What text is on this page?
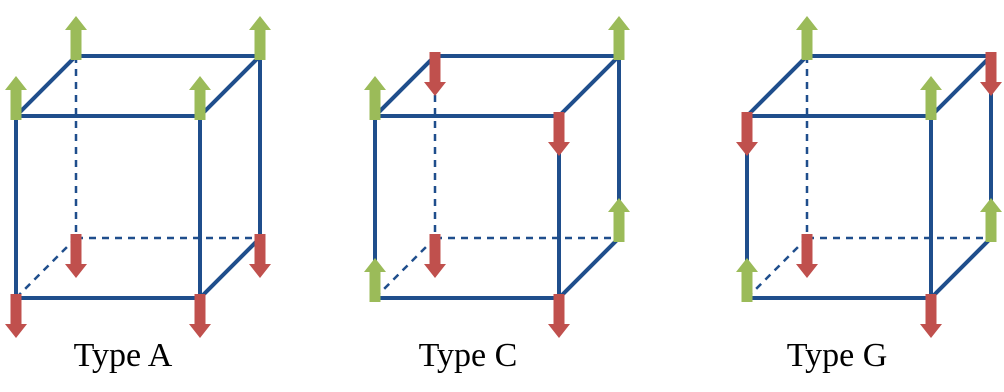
Type A	Type C	Type G
